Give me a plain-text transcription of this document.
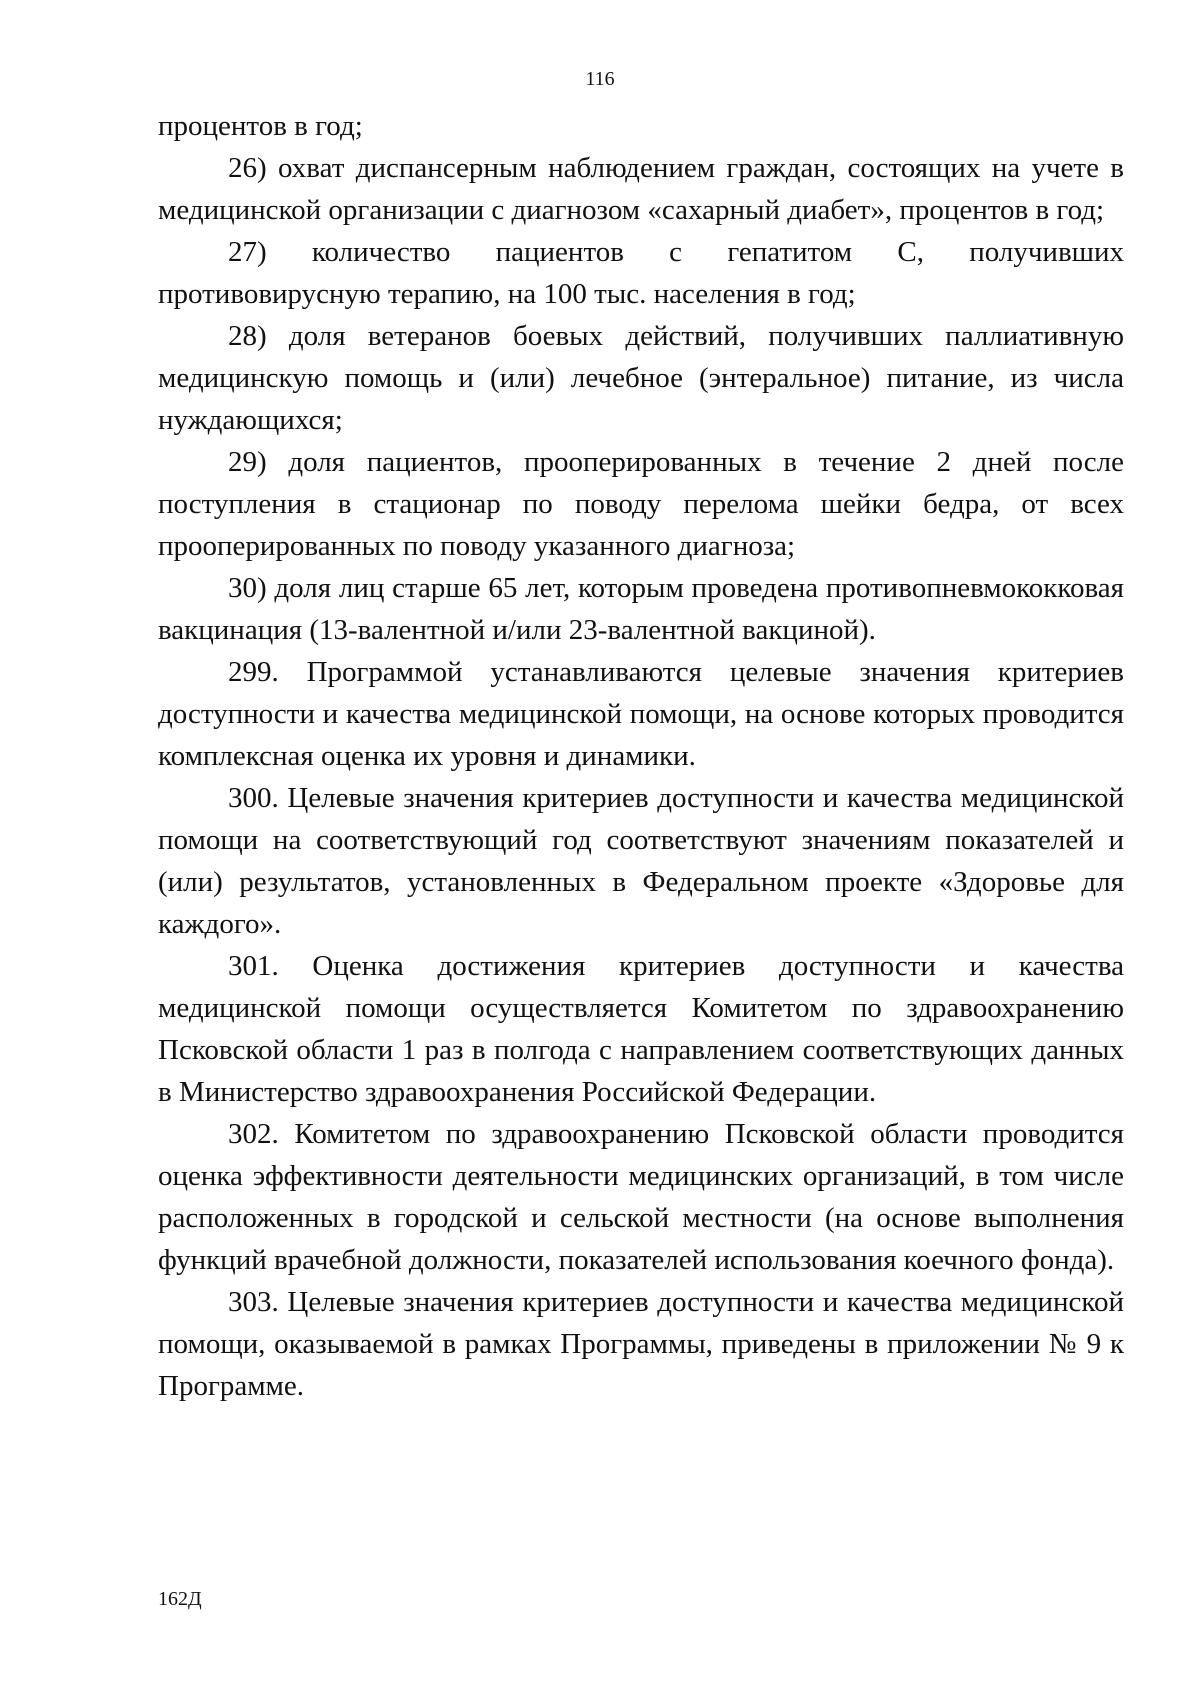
116

процентов в год;

26) охват диспансерным наблюдением граждан, состоящих на учете в медицинской организации с диагнозом «сахарный диабет», процентов в год;

27) количество пациентов с гепатитом С, получивших противовирусную терапию, на 100 тыс. населения в год;

28) доля ветеранов боевых действий, получивших паллиативную медицинскую помощь и (или) лечебное (энтеральное) питание, из числа нуждающихся;

29) доля пациентов, прооперированных в течение 2 дней после поступления в стационар по поводу перелома шейки бедра, от всех прооперированных по поводу указанного диагноза;

30) доля лиц старше 65 лет, которым проведена противопневмококковая вакцинация (13-валентной и/или 23-валентной вакциной).

299. Программой устанавливаются целевые значения критериев доступности и качества медицинской помощи, на основе которых проводится комплексная оценка их уровня и динамики.

300. Целевые значения критериев доступности и качества медицинской помощи на соответствующий год соответствуют значениям показателей и (или) результатов, установленных в Федеральном проекте «Здоровье для каждого».

301. Оценка достижения критериев доступности и качества медицинской помощи осуществляется Комитетом по здравоохранению Псковской области 1 раз в полгода с направлением соответствующих данных в Министерство здравоохранения Российской Федерации.

302. Комитетом по здравоохранению Псковской области проводится оценка эффективности деятельности медицинских организаций, в том числе расположенных в городской и сельской местности (на основе выполнения функций врачебной должности, показателей использования коечного фонда).

303. Целевые значения критериев доступности и качества медицинской помощи, оказываемой в рамках Программы, приведены в приложении № 9 к Программе.

162Д
